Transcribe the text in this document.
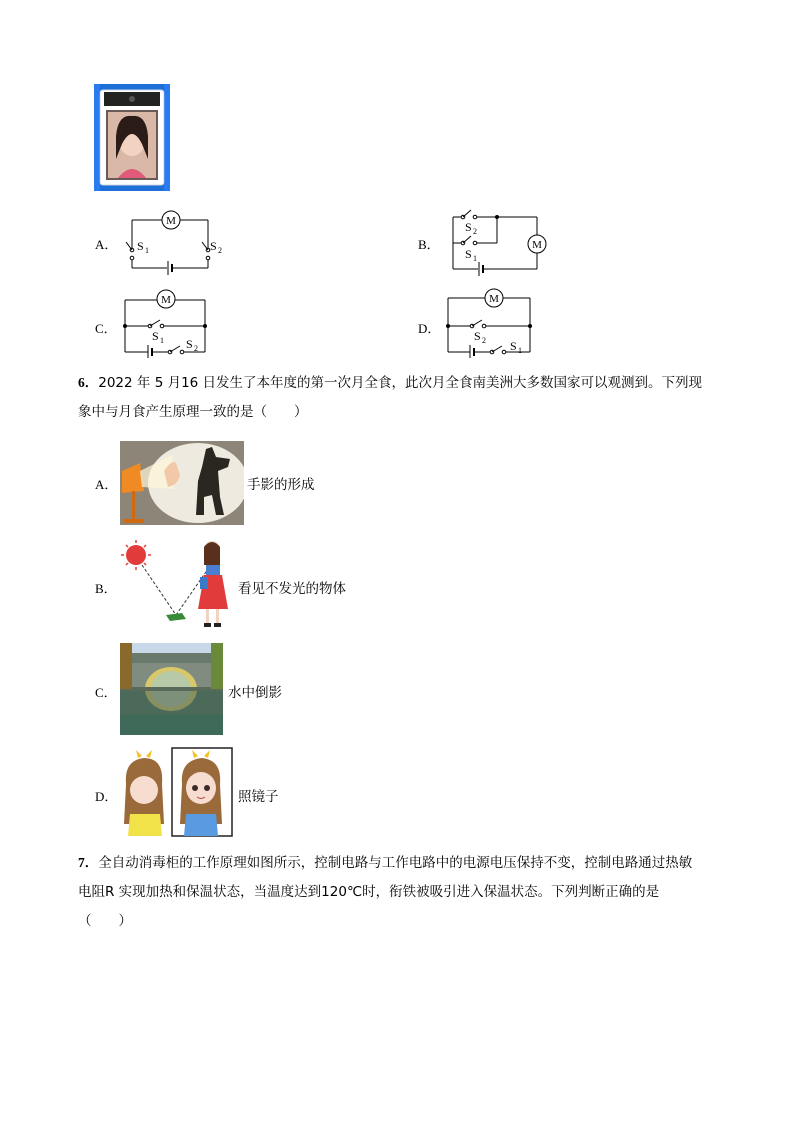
A．
M
S 1	S 2	B．	M
S 2
S 1
C．
M
S 1 S 2
D．
M
S 2 S 1
6．2022 年 5 月16 日发生了本年度的第一次月全食，此次月全食南美洲大多数国家可以观测到。下列现
象中与月食产生原理一致的是（　　）
A．	手影的形成
B．	看见不发光的物体
C．	水中倒影
D．	照镜子
7．全自动消毒柜的工作原理如图所示，控制电路与工作电路中的电源电压保持不变，控制电路通过热敏
电阻R 实现加热和保温状态，当温度达到120℃时，衔铁被吸引进入保温状态。下列判断正确的是
（　　）
